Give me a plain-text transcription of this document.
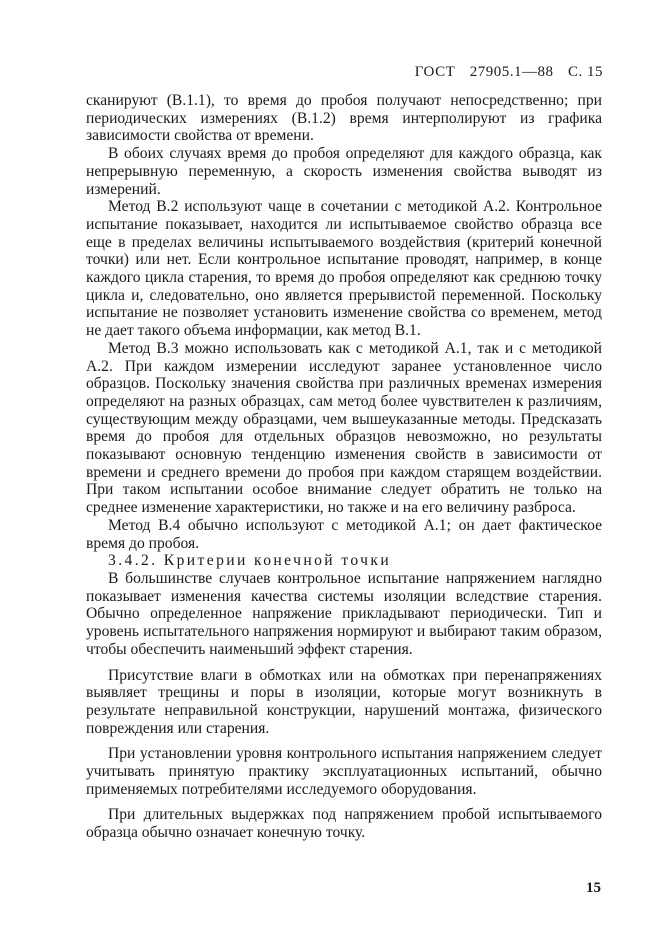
ГОСТ 27905.1—88 С. 15

сканируют (В.1.1), то время до пробоя получают непосредственно; при периодических измерениях (В.1.2) время интерполируют из графика зависимости свойства от времени.

В обоих случаях время до пробоя определяют для каждого образца, как непрерывную переменную, а скорость изменения свойства выводят из измерений.

Метод В.2 используют чаще в сочетании с методикой А.2. Контрольное испытание показывает, находится ли испытываемое свойство образца все еще в пределах величины испытываемого воздействия (критерий конечной точки) или нет. Если контрольное испытание проводят, например, в конце каждого цикла старения, то время до пробоя определяют как среднюю точку цикла и, следовательно, оно является прерывистой переменной. Поскольку испытание не позволяет установить изменение свойства со временем, метод не дает такого объема информации, как метод В.1.

Метод В.3 можно использовать как с методикой А.1, так и с методикой А.2. При каждом измерении исследуют заранее установленное число образцов. Поскольку значения свойства при различных временах измерения определяют на разных образцах, сам метод более чувствителен к различиям, существующим между образцами, чем вышеуказанные методы. Предсказать время до пробоя для отдельных образцов невозможно, но результаты показывают основную тенденцию изменения свойств в зависимости от времени и среднего времени до пробоя при каждом старящем воздействии. При таком испытании особое внимание следует обратить не только на среднее изменение характеристики, но также и на его величину разброса.

Метод В.4 обычно используют с методикой А.1; он дает фактическое время до пробоя.

3.4.2. Критерии конечной точки

В большинстве случаев контрольное испытание напряжением наглядно показывает изменения качества системы изоляции вследствие старения. Обычно определенное напряжение прикладывают периодически. Тип и уровень испытательного напряжения нормируют и выбирают таким образом, чтобы обеспечить наименьший эффект старения.

Присутствие влаги в обмотках или на обмотках при перенапряжениях выявляет трещины и поры в изоляции, которые могут возникнуть в результате неправильной конструкции, нарушений монтажа, физического повреждения или старения.

При установлении уровня контрольного испытания напряжением следует учитывать принятую практику эксплуатационных испытаний, обычно применяемых потребителями исследуемого оборудования.

При длительных выдержках под напряжением пробой испытываемого образца обычно означает конечную точку.

15
